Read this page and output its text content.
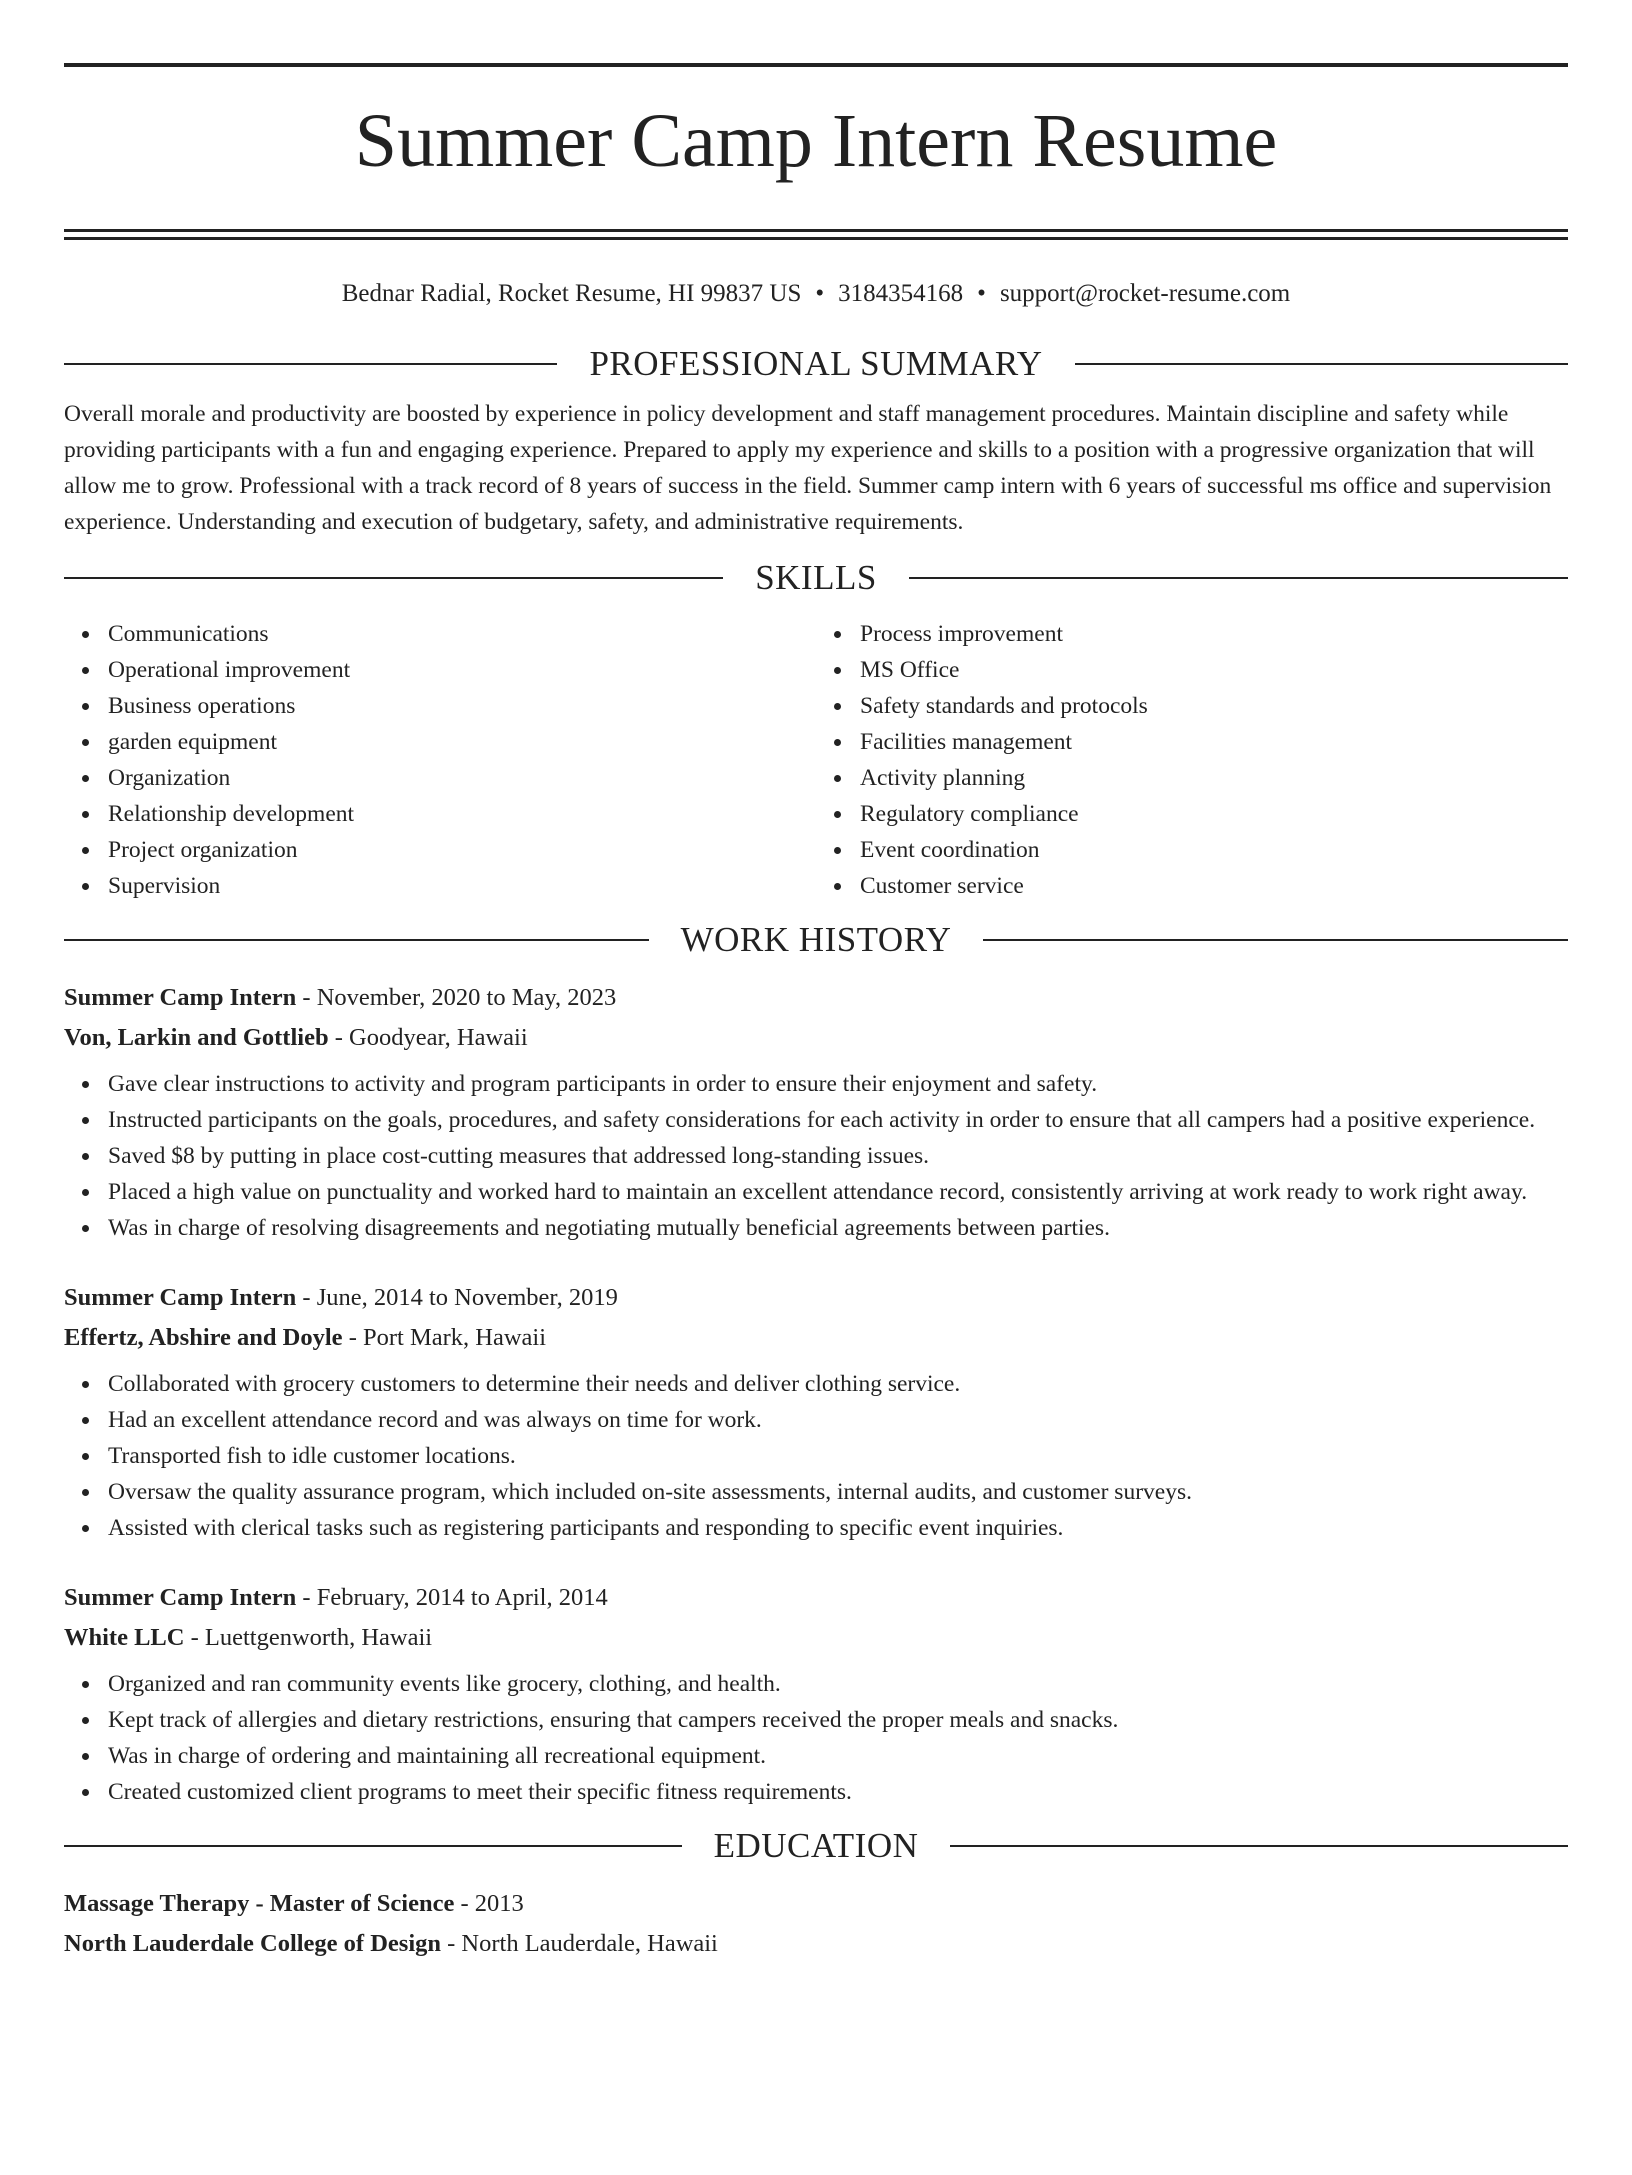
Summer Camp Intern Resume
Bednar Radial, Rocket Resume, HI 99837 US • 3184354168 • support@rocket-resume.com
PROFESSIONAL SUMMARY

Overall morale and productivity are boosted by experience in policy development and staff management procedures. Maintain discipline and safety while providing participants with a fun and engaging experience. Prepared to apply my experience and skills to a position with a progressive organization that will allow me to grow. Professional with a track record of 8 years of success in the field. Summer camp intern with 6 years of successful ms office and supervision experience. Understanding and execution of budgetary, safety, and administrative requirements.

SKILLS
Communications
Operational improvement
Business operations
garden equipment
Organization
Relationship development
Project organization
Supervision
Process improvement
MS Office
Safety standards and protocols
Facilities management
Activity planning
Regulatory compliance
Event coordination
Customer service
WORK HISTORY
Summer Camp Intern - November, 2020 to May, 2023
Von, Larkin and Gottlieb - Goodyear, Hawaii
Gave clear instructions to activity and program participants in order to ensure their enjoyment and safety.
Instructed participants on the goals, procedures, and safety considerations for each activity in order to ensure that all campers had a positive experience.
Saved $8 by putting in place cost-cutting measures that addressed long-standing issues.
Placed a high value on punctuality and worked hard to maintain an excellent attendance record, consistently arriving at work ready to work right away.
Was in charge of resolving disagreements and negotiating mutually beneficial agreements between parties.
Summer Camp Intern - June, 2014 to November, 2019
Effertz, Abshire and Doyle - Port Mark, Hawaii
Collaborated with grocery customers to determine their needs and deliver clothing service.
Had an excellent attendance record and was always on time for work.
Transported fish to idle customer locations.
Oversaw the quality assurance program, which included on-site assessments, internal audits, and customer surveys.
Assisted with clerical tasks such as registering participants and responding to specific event inquiries.
Summer Camp Intern - February, 2014 to April, 2014
White LLC - Luettgenworth, Hawaii
Organized and ran community events like grocery, clothing, and health.
Kept track of allergies and dietary restrictions, ensuring that campers received the proper meals and snacks.
Was in charge of ordering and maintaining all recreational equipment.
Created customized client programs to meet their specific fitness requirements.
EDUCATION
Massage Therapy - Master of Science - 2013
North Lauderdale College of Design - North Lauderdale, Hawaii
